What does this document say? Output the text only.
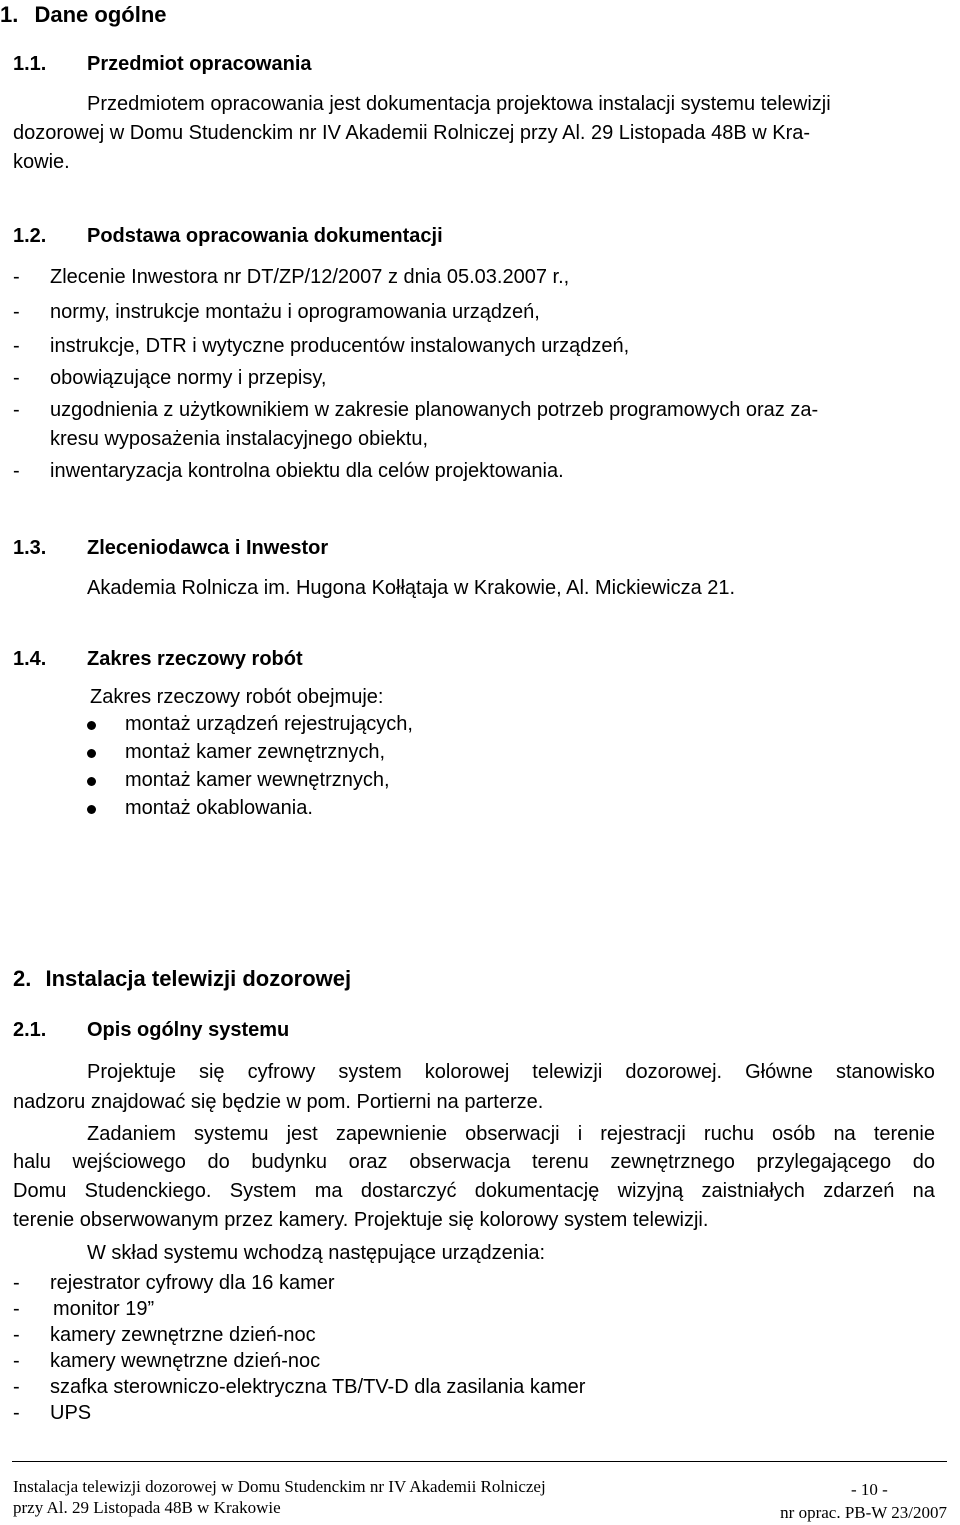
1. Dane ogólne
1.1. Przedmiot opracowania
Przedmiotem opracowania jest dokumentacja projektowa instalacji systemu telewizji
dozorowej w Domu Studenckim nr IV Akademii Rolniczej przy Al. 29 Listopada 48B w Kra-
kowie.
1.2. Podstawa opracowania dokumentacji
- Zlecenie Inwestora nr DT/ZP/12/2007 z dnia 05.03.2007 r.,
- normy, instrukcje montażu i oprogramowania urządzeń,
- instrukcje, DTR i wytyczne producentów instalowanych urządzeń,
- obowiązujące normy i przepisy,
- uzgodnienia z użytkownikiem w zakresie planowanych potrzeb programowych oraz za-
kresu wyposażenia instalacyjnego obiektu,
- inwentaryzacja kontrolna obiektu dla celów projektowania.
1.3. Zleceniodawca i Inwestor
Akademia Rolnicza im. Hugona Kołłątaja w Krakowie, Al. Mickiewicza 21.
1.4. Zakres rzeczowy robót
Zakres rzeczowy robót obejmuje:
montaż urządzeń rejestrujących,
montaż kamer zewnętrznych,
montaż kamer wewnętrznych,
montaż okablowania.
2. Instalacja telewizji dozorowej
2.1. Opis ogólny systemu
Projektuje się cyfrowy system kolorowej telewizji dozorowej. Główne stanowisko
nadzoru znajdować się będzie w pom. Portierni na parterze.
Zadaniem systemu jest zapewnienie obserwacji i rejestracji ruchu osób na terenie
halu wejściowego do budynku oraz obserwacja terenu zewnętrznego przylegającego do
Domu Studenckiego. System ma dostarczyć dokumentację wizyjną zaistniałych zdarzeń na
terenie obserwowanym przez kamery. Projektuje się kolorowy system telewizji.
W skład systemu wchodzą następujące urządzenia:
- rejestrator cyfrowy dla 16 kamer
- monitor 19”
- kamery zewnętrzne dzień-noc
- kamery wewnętrzne dzień-noc
- szafka sterowniczo-elektryczna TB/TV-D dla zasilania kamer
- UPS
Instalacja telewizji dozorowej w Domu Studenckim nr IV Akademii Rolniczej
przy Al. 29 Listopada 48B w Krakowie
- 10 -
nr oprac. PB-W 23/2007
